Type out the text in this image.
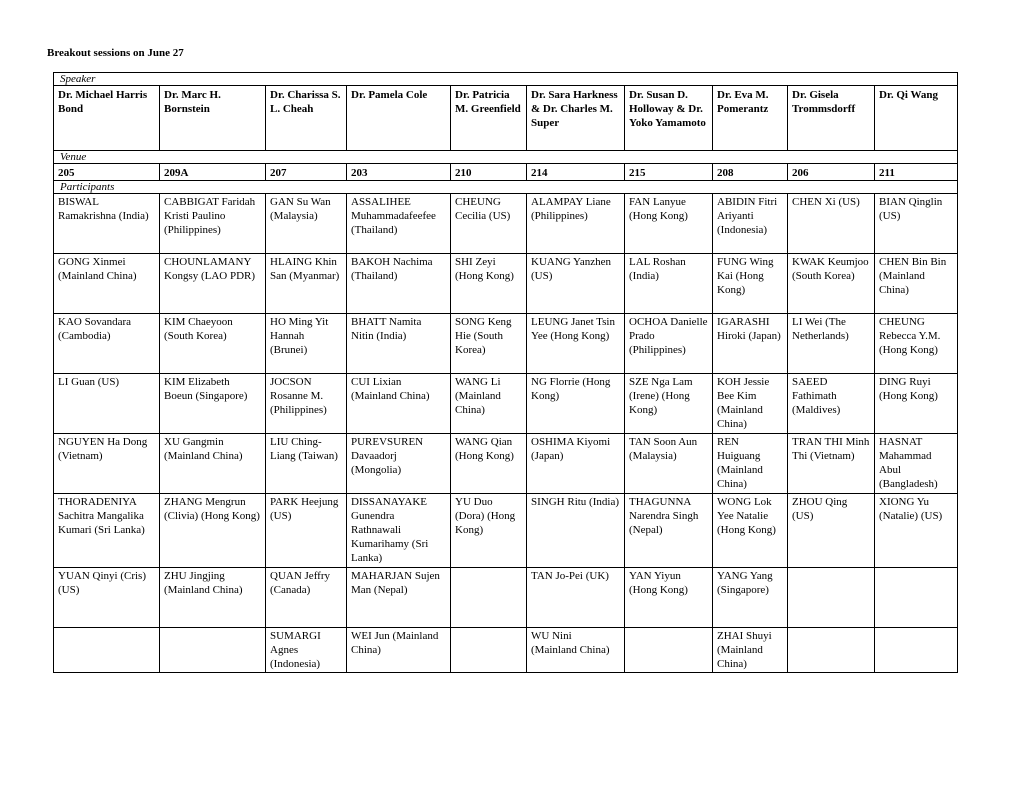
Breakout sessions on June 27
Speaker									
Dr. Michael Harris Bond	Dr. Marc H. Bornstein	Dr. Charissa S. L. Cheah	Dr. Pamela Cole	Dr. Patricia M. Greenfield	Dr. Sara Harkness & Dr. Charles M. Super	Dr. Susan D. Holloway & Dr. Yoko Yamamoto	Dr. Eva M. Pomerantz	Dr. Gisela Trommsdorff	Dr. Qi Wang
Venue									
205	209A	207	203	210	214	215	208	206	211
Participants									
BISWAL Ramakrishna (India)	CABBIGAT Faridah Kristi Paulino (Philippines)	GAN Su Wan (Malaysia)	ASSALIHEE Muhammadafeefee (Thailand)	CHEUNG Cecilia (US)	ALAMPAY Liane (Philippines)	FAN Lanyue (Hong Kong)	ABIDIN Fitri Ariyanti (Indonesia)	CHEN Xi (US)	BIAN Qinglin (US)
GONG Xinmei (Mainland China)	CHOUNLAMANY Kongsy (LAO PDR)	HLAING Khin San (Myanmar)	BAKOH Nachima (Thailand)	SHI Zeyi (Hong Kong)	KUANG Yanzhen (US)	LAL Roshan (India)	FUNG Wing Kai (Hong Kong)	KWAK Keumjoo (South Korea)	CHEN Bin Bin (Mainland China)
KAO Sovandara (Cambodia)	KIM Chaeyoon (South Korea)	HO Ming Yit Hannah (Brunei)	BHATT Namita Nitin (India)	SONG Keng Hie (South Korea)	LEUNG Janet Tsin Yee (Hong Kong)	OCHOA Danielle Prado (Philippines)	IGARASHI Hiroki (Japan)	LI Wei (The Netherlands)	CHEUNG Rebecca Y.M. (Hong Kong)
LI Guan (US)	KIM Elizabeth Boeun (Singapore)	JOCSON Rosanne M. (Philippines)	CUI Lixian (Mainland China)	WANG Li (Mainland China)	NG Florrie (Hong Kong)	SZE Nga Lam (Irene) (Hong Kong)	KOH Jessie Bee Kim (Mainland China)	SAEED Fathimath (Maldives)	DING Ruyi (Hong Kong)
NGUYEN Ha Dong (Vietnam)	XU Gangmin (Mainland China)	LIU Ching-Liang (Taiwan)	PUREVSUREN Davaadorj (Mongolia)	WANG Qian (Hong Kong)	OSHIMA Kiyomi (Japan)	TAN Soon Aun (Malaysia)	REN Huiguang (Mainland China)	TRAN THI Minh Thi (Vietnam)	HASNAT Mahammad Abul (Bangladesh)
THORADENIYA Sachitra Mangalika Kumari (Sri Lanka)	ZHANG Mengrun (Clivia) (Hong Kong)	PARK Heejung (US)	DISSANAYAKE Gunendra Rathnawali Kumarihamy (Sri Lanka)	YU Duo (Dora) (Hong Kong)	SINGH Ritu (India)	THAGUNNA Narendra Singh (Nepal)	WONG Lok Yee Natalie (Hong Kong)	ZHOU Qing (US)	XIONG Yu (Natalie) (US)
YUAN Qinyi (Cris) (US)	ZHU Jingjing (Mainland China)	QUAN Jeffry (Canada)	MAHARJAN Sujen Man (Nepal)		TAN Jo-Pei (UK)	YAN Yiyun (Hong Kong)	YANG Yang (Singapore)		
		SUMARGI Agnes (Indonesia)	WEI Jun (Mainland China)		WU Nini (Mainland China)		ZHAI Shuyi (Mainland China)		
